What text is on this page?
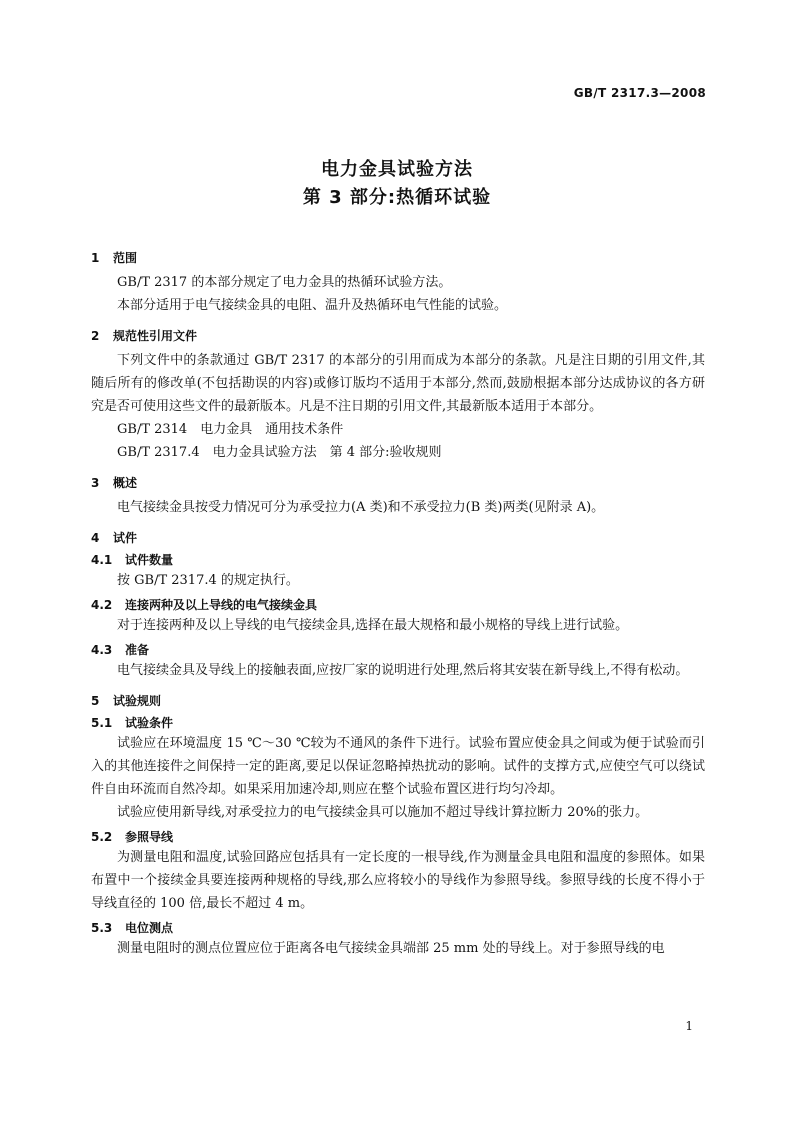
GB/T 2317.3—2008
电力金具试验方法
第 3 部分:热循环试验
1 范围

GB/T 2317 的本部分规定了电力金具的热循环试验方法。

本部分适用于电气接续金具的电阻、温升及热循环电气性能的试验。

2 规范性引用文件

下列文件中的条款通过 GB/T 2317 的本部分的引用而成为本部分的条款。凡是注日期的引用文件,其随后所有的修改单(不包括勘误的内容)或修订版均不适用于本部分,然而,鼓励根据本部分达成协议的各方研究是否可使用这些文件的最新版本。凡是不注日期的引用文件,其最新版本适用于本部分。

GB/T 2314　电力金具　通用技术条件

GB/T 2317.4　电力金具试验方法　第 4 部分:验收规则

3 概述

电气接续金具按受力情况可分为承受拉力(A 类)和不承受拉力(B 类)两类(见附录 A)。

4 试件
4.1 试件数量

按 GB/T 2317.4 的规定执行。

4.2 连接两种及以上导线的电气接续金具

对于连接两种及以上导线的电气接续金具,选择在最大规格和最小规格的导线上进行试验。

4.3 准备

电气接续金具及导线上的接触表面,应按厂家的说明进行处理,然后将其安装在新导线上,不得有松动。

5 试验规则
5.1 试验条件

试验应在环境温度 15 ℃～30 ℃较为不通风的条件下进行。试验布置应使金具之间或为便于试验而引入的其他连接件之间保持一定的距离,要足以保证忽略掉热扰动的影响。试件的支撑方式,应使空气可以绕试件自由环流而自然冷却。如果采用加速冷却,则应在整个试验布置区进行均匀冷却。

试验应使用新导线,对承受拉力的电气接续金具可以施加不超过导线计算拉断力 20%的张力。

5.2 参照导线

为测量电阻和温度,试验回路应包括具有一定长度的一根导线,作为测量金具电阻和温度的参照体。如果布置中一个接续金具要连接两种规格的导线,那么应将较小的导线作为参照导线。参照导线的长度不得小于导线直径的 100 倍,最长不超过 4 m。

5.3 电位测点

测量电阻时的测点位置应位于距离各电气接续金具端部 25 mm 处的导线上。对于参照导线的电

1
